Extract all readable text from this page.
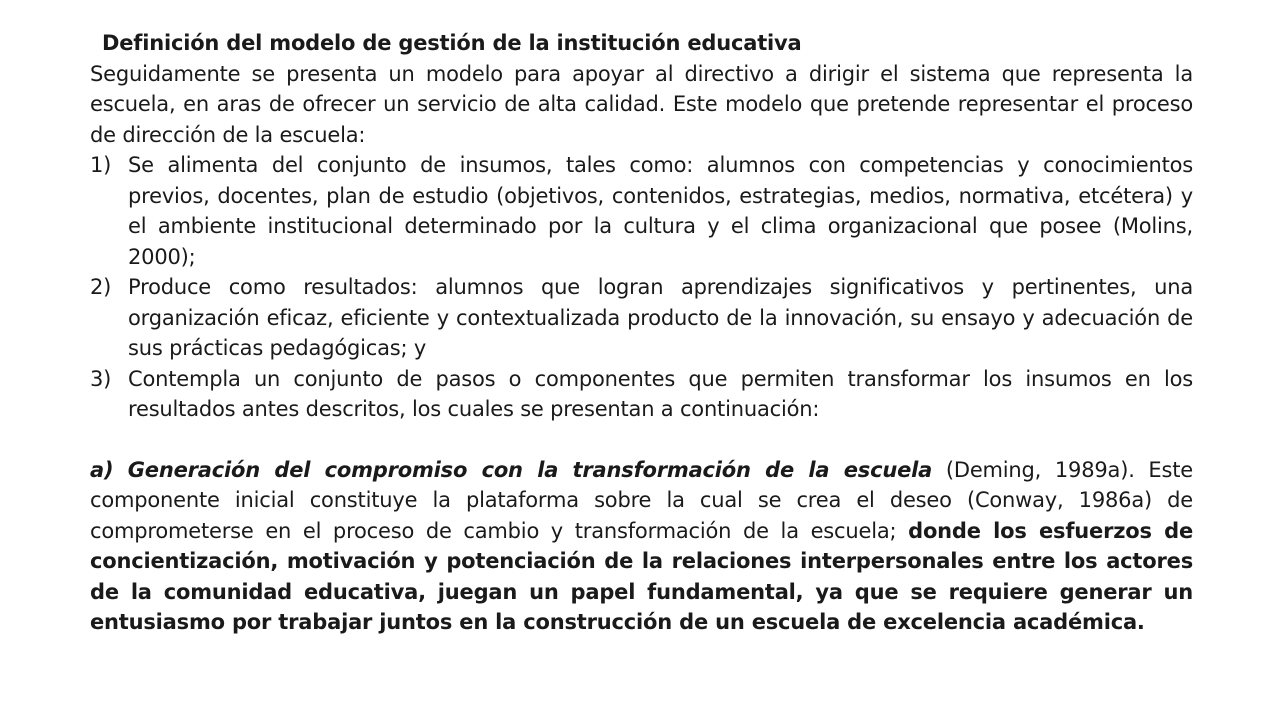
Definición del modelo de gestión de la institución educativa

Seguidamente se presenta un modelo para apoyar al directivo a dirigir el sistema que representa la escuela, en aras de ofrecer un servicio de alta calidad. Este modelo que pretende representar el proceso de dirección de la escuela:

1) Se alimenta del conjunto de insumos, tales como: alumnos con competencias y conocimientos previos, docentes, plan de estudio (objetivos, contenidos, estrategias, medios, normativa, etcétera) y el ambiente institucional determinado por la cultura y el clima organizacional que posee (Molins, 2000);
2) Produce como resultados: alumnos que logran aprendizajes significativos y pertinentes, una organización eficaz, eficiente y contextualizada producto de la innovación, su ensayo y adecuación de sus prácticas pedagógicas; y
3) Contempla un conjunto de pasos o componentes que permiten transformar los insumos en los resultados antes descritos, los cuales se presentan a continuación:

a) Generación del compromiso con la transformación de la escuela (Deming, 1989a). Este componente inicial constituye la plataforma sobre la cual se crea el deseo (Conway, 1986a) de comprometerse en el proceso de cambio y transformación de la escuela; donde los esfuerzos de concientización, motivación y potenciación de la relaciones interpersonales entre los actores de la comunidad educativa, juegan un papel fundamental, ya que se requiere generar un entusiasmo por trabajar juntos en la construcción de un escuela de excelencia académica.
